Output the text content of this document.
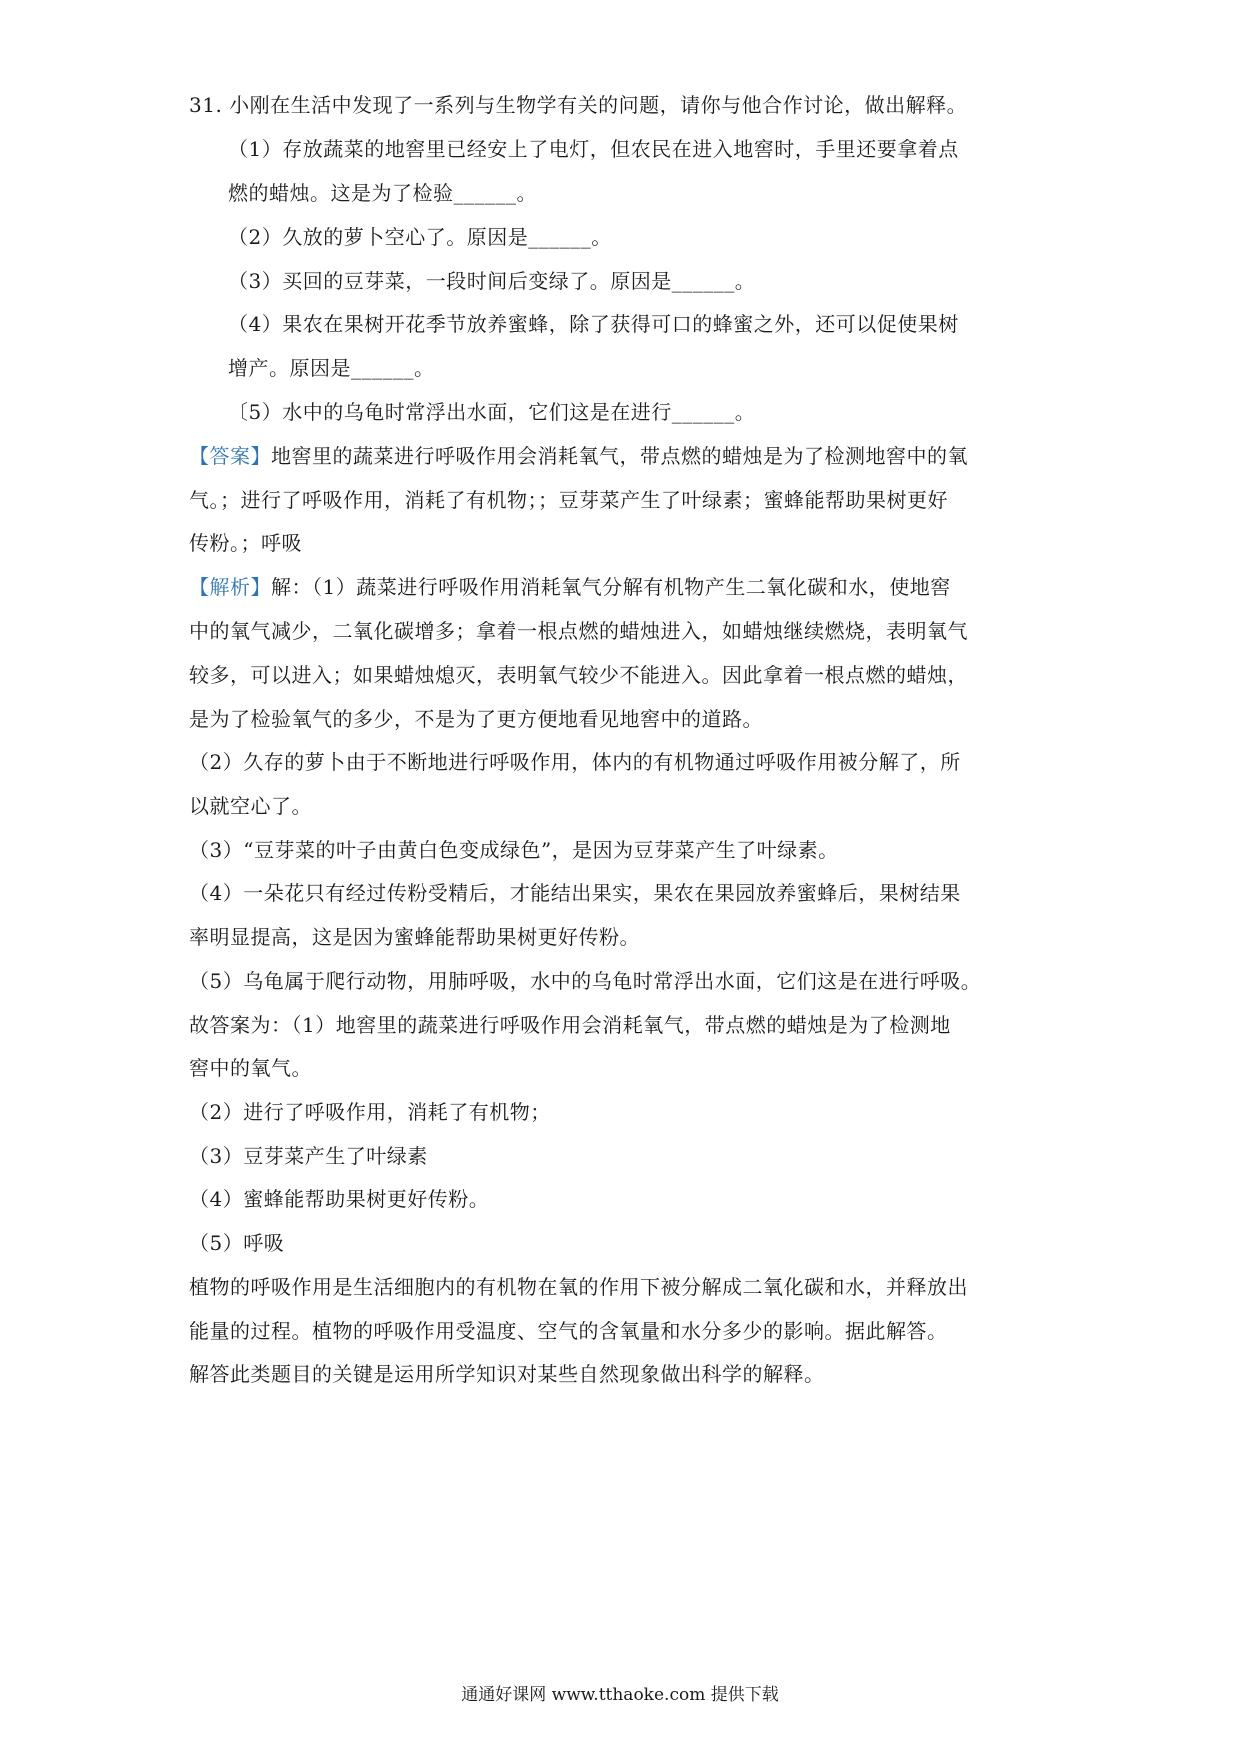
31. 小刚在生活中发现了一系列与生物学有关的问题，请你与他合作讨论，做出解释。
（1）存放蔬菜的地窖里已经安上了电灯，但农民在进入地窖时，手里还要拿着点
燃的蜡烛。这是为了检验______。
（2）久放的萝卜空心了。原因是______。
（3）买回的豆芽菜，一段时间后变绿了。原因是______。
（4）果农在果树开花季节放养蜜蜂，除了获得可口的蜂蜜之外，还可以促使果树
增产。原因是______。
〔5）水中的乌龟时常浮出水面，它们这是在进行______。
【答案】地窖里的蔬菜进行呼吸作用会消耗氧气，带点燃的蜡烛是为了检测地窖中的氧
气。；进行了呼吸作用，消耗了有机物；；豆芽菜产生了叶绿素；蜜蜂能帮助果树更好
传粉。；呼吸
【解析】解：（1）蔬菜进行呼吸作用消耗氧气分解有机物产生二氧化碳和水，使地窖
中的氧气减少，二氧化碳增多；拿着一根点燃的蜡烛进入，如蜡烛继续燃烧，表明氧气
较多，可以进入；如果蜡烛熄灭，表明氧气较少不能进入。因此拿着一根点燃的蜡烛，
是为了检验氧气的多少，不是为了更方便地看见地窖中的道路。
（2）久存的萝卜由于不断地进行呼吸作用，体内的有机物通过呼吸作用被分解了，所
以就空心了。
（3）“豆芽菜的叶子由黄白色变成绿色”，是因为豆芽菜产生了叶绿素。
（4）一朵花只有经过传粉受精后，才能结出果实，果农在果园放养蜜蜂后，果树结果
率明显提高，这是因为蜜蜂能帮助果树更好传粉。
（5）乌龟属于爬行动物，用肺呼吸，水中的乌龟时常浮出水面，它们这是在进行呼吸。
故答案为：（1）地窖里的蔬菜进行呼吸作用会消耗氧气，带点燃的蜡烛是为了检测地
窖中的氧气。
（2）进行了呼吸作用，消耗了有机物；
（3）豆芽菜产生了叶绿素
（4）蜜蜂能帮助果树更好传粉。
（5）呼吸
植物的呼吸作用是生活细胞内的有机物在氧的作用下被分解成二氧化碳和水，并释放出
能量的过程。植物的呼吸作用受温度、空气的含氧量和水分多少的影响。据此解答。
解答此类题目的关键是运用所学知识对某些自然现象做出科学的解释。
通通好课网 www.tthaoke.com 提供下载
